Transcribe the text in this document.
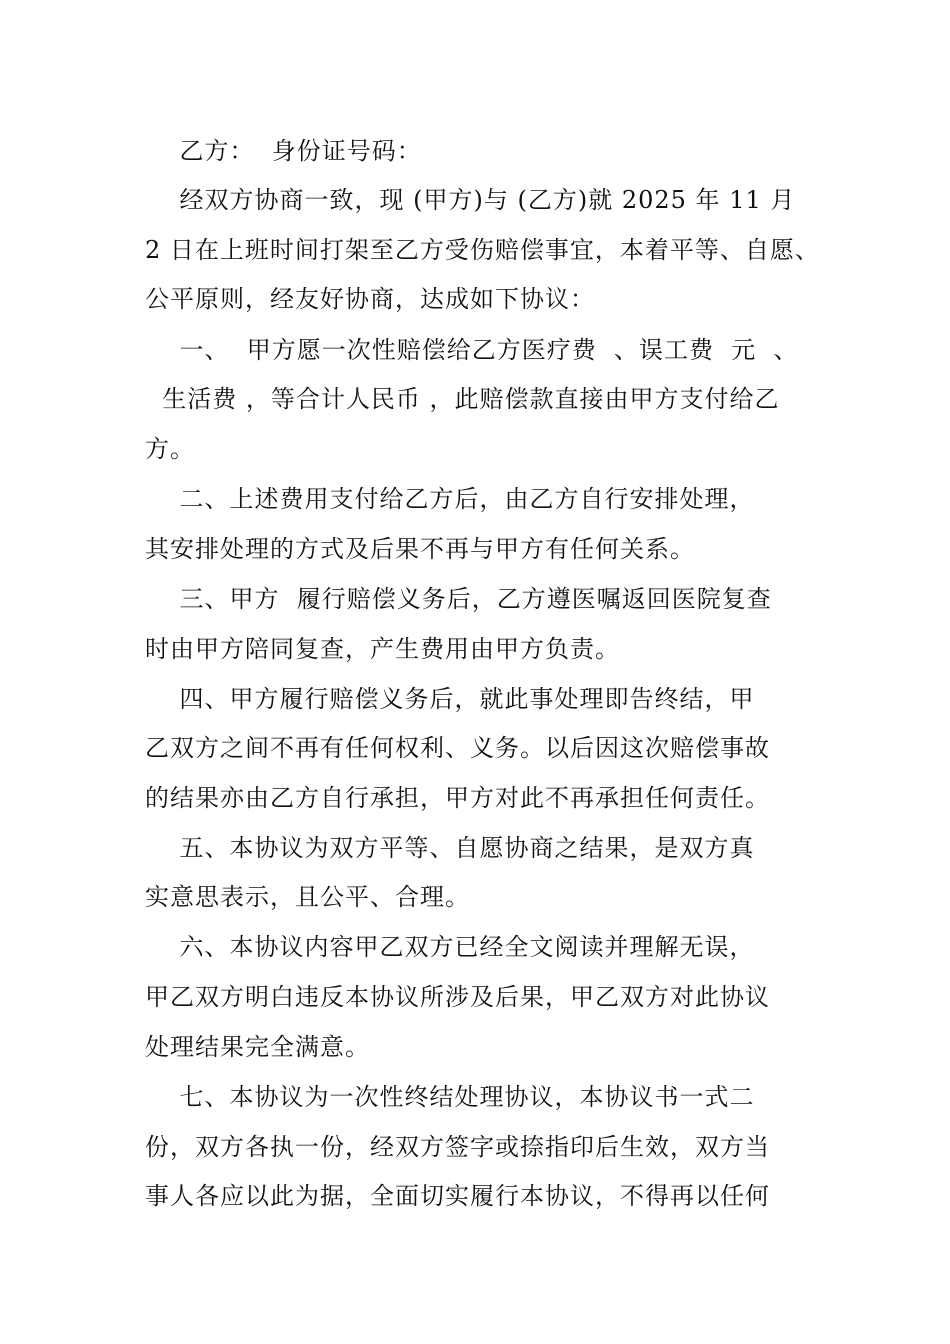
乙方：  身份证号码：
经双方协商一致，现 (甲方)与 (乙方)就 2025 年 11 月
2 日在上班时间打架至乙方受伤赔偿事宜，本着平等、自愿、
公平原则，经友好协商，达成如下协议：
一、  甲方愿一次性赔偿给乙方医疗费  、误工费  元  、
生活费 ，等合计人民币 ，此赔偿款直接由甲方支付给乙
方。
二、上述费用支付给乙方后，由乙方自行安排处理，
其安排处理的方式及后果不再与甲方有任何关系。
三、甲方  履行赔偿义务后，乙方遵医嘱返回医院复查
时由甲方陪同复查，产生费用由甲方负责。
四、甲方履行赔偿义务后，就此事处理即告终结，甲
乙双方之间不再有任何权利、义务。以后因这次赔偿事故
的结果亦由乙方自行承担，甲方对此不再承担任何责任。
五、本协议为双方平等、自愿协商之结果，是双方真
实意思表示，且公平、合理。
六、本协议内容甲乙双方已经全文阅读并理解无误，
甲乙双方明白违反本协议所涉及后果，甲乙双方对此协议
处理结果完全满意。
七、本协议为一次性终结处理协议，本协议书一式二
份，双方各执一份，经双方签字或捺指印后生效，双方当
事人各应以此为据，全面切实履行本协议，不得再以任何
